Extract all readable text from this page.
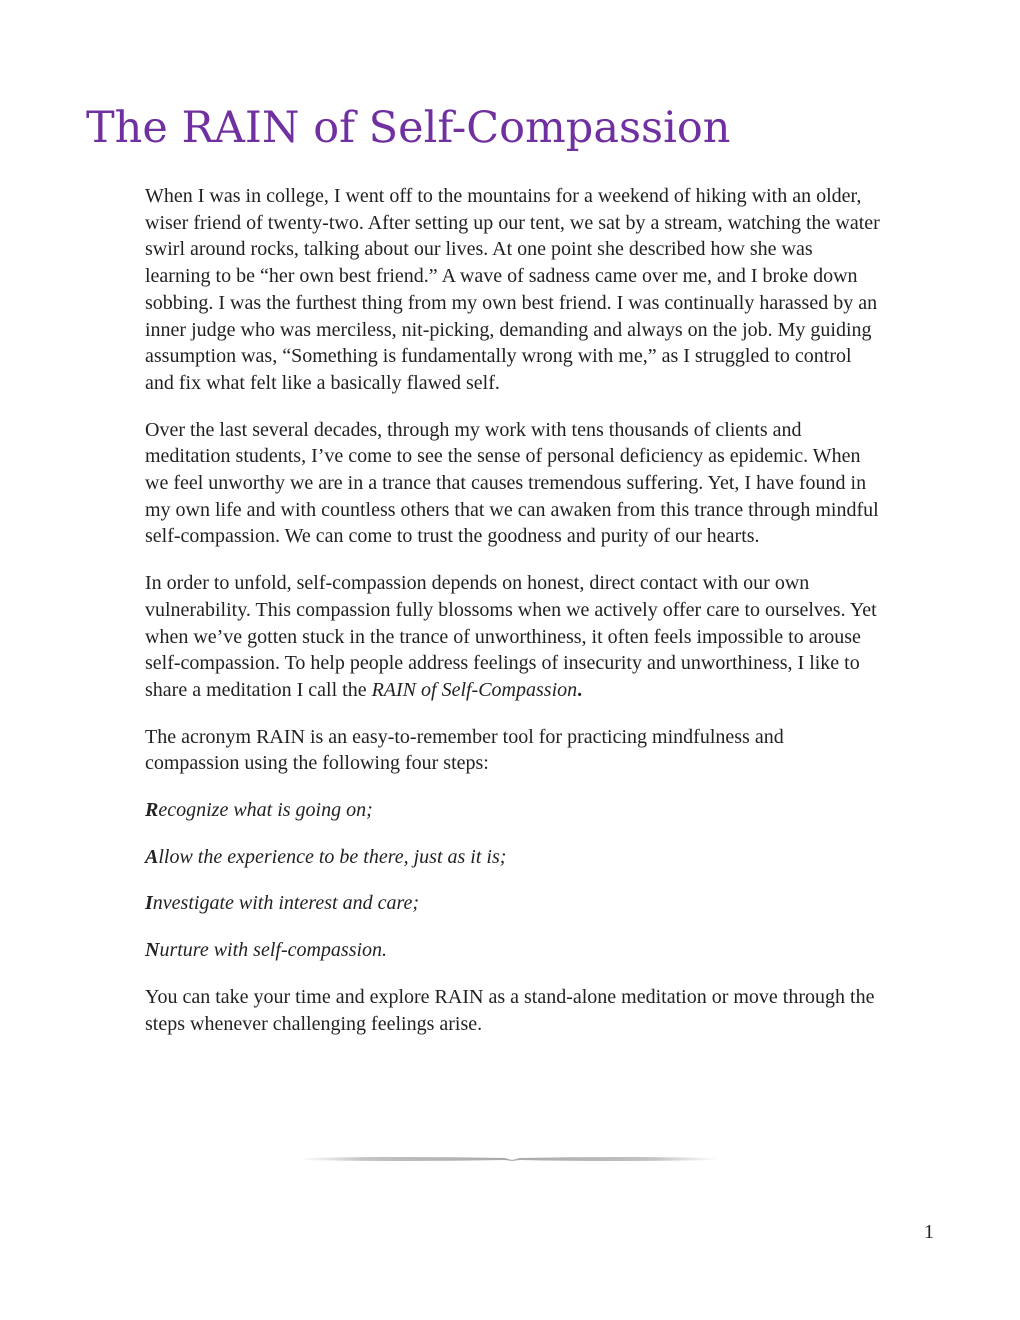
The RAIN of Self-Compassion

When I was in college, I went off to the mountains for a weekend of hiking with an older, wiser friend of twenty-two. After setting up our tent, we sat by a stream, watching the water swirl around rocks, talking about our lives. At one point she described how she was learning to be “her own best friend.” A wave of sadness came over me, and I broke down sobbing. I was the furthest thing from my own best friend. I was continually harassed by an inner judge who was merciless, nit-picking, demanding and always on the job. My guiding assumption was, “Something is fundamentally wrong with me,” as I struggled to control and fix what felt like a basically flawed self.

Over the last several decades, through my work with tens thousands of clients and meditation students, I’ve come to see the sense of personal deficiency as epidemic. When we feel unworthy we are in a trance that causes tremendous suffering. Yet, I have found in my own life and with countless others that we can awaken from this trance through mindful self-compassion. We can come to trust the goodness and purity of our hearts.

In order to unfold, self-compassion depends on honest, direct contact with our own vulnerability. This compassion fully blossoms when we actively offer care to ourselves. Yet when we’ve gotten stuck in the trance of unworthiness, it often feels impossible to arouse self-compassion. To help people address feelings of insecurity and unworthiness, I like to share a meditation I call the RAIN of Self-Compassion.

The acronym RAIN is an easy-to-remember tool for practicing mindfulness and compassion using the following four steps:

Recognize what is going on;

Allow the experience to be there, just as it is;

Investigate with interest and care;

Nurture with self-compassion.

You can take your time and explore RAIN as a stand-alone meditation or move through the steps whenever challenging feelings arise.

1
